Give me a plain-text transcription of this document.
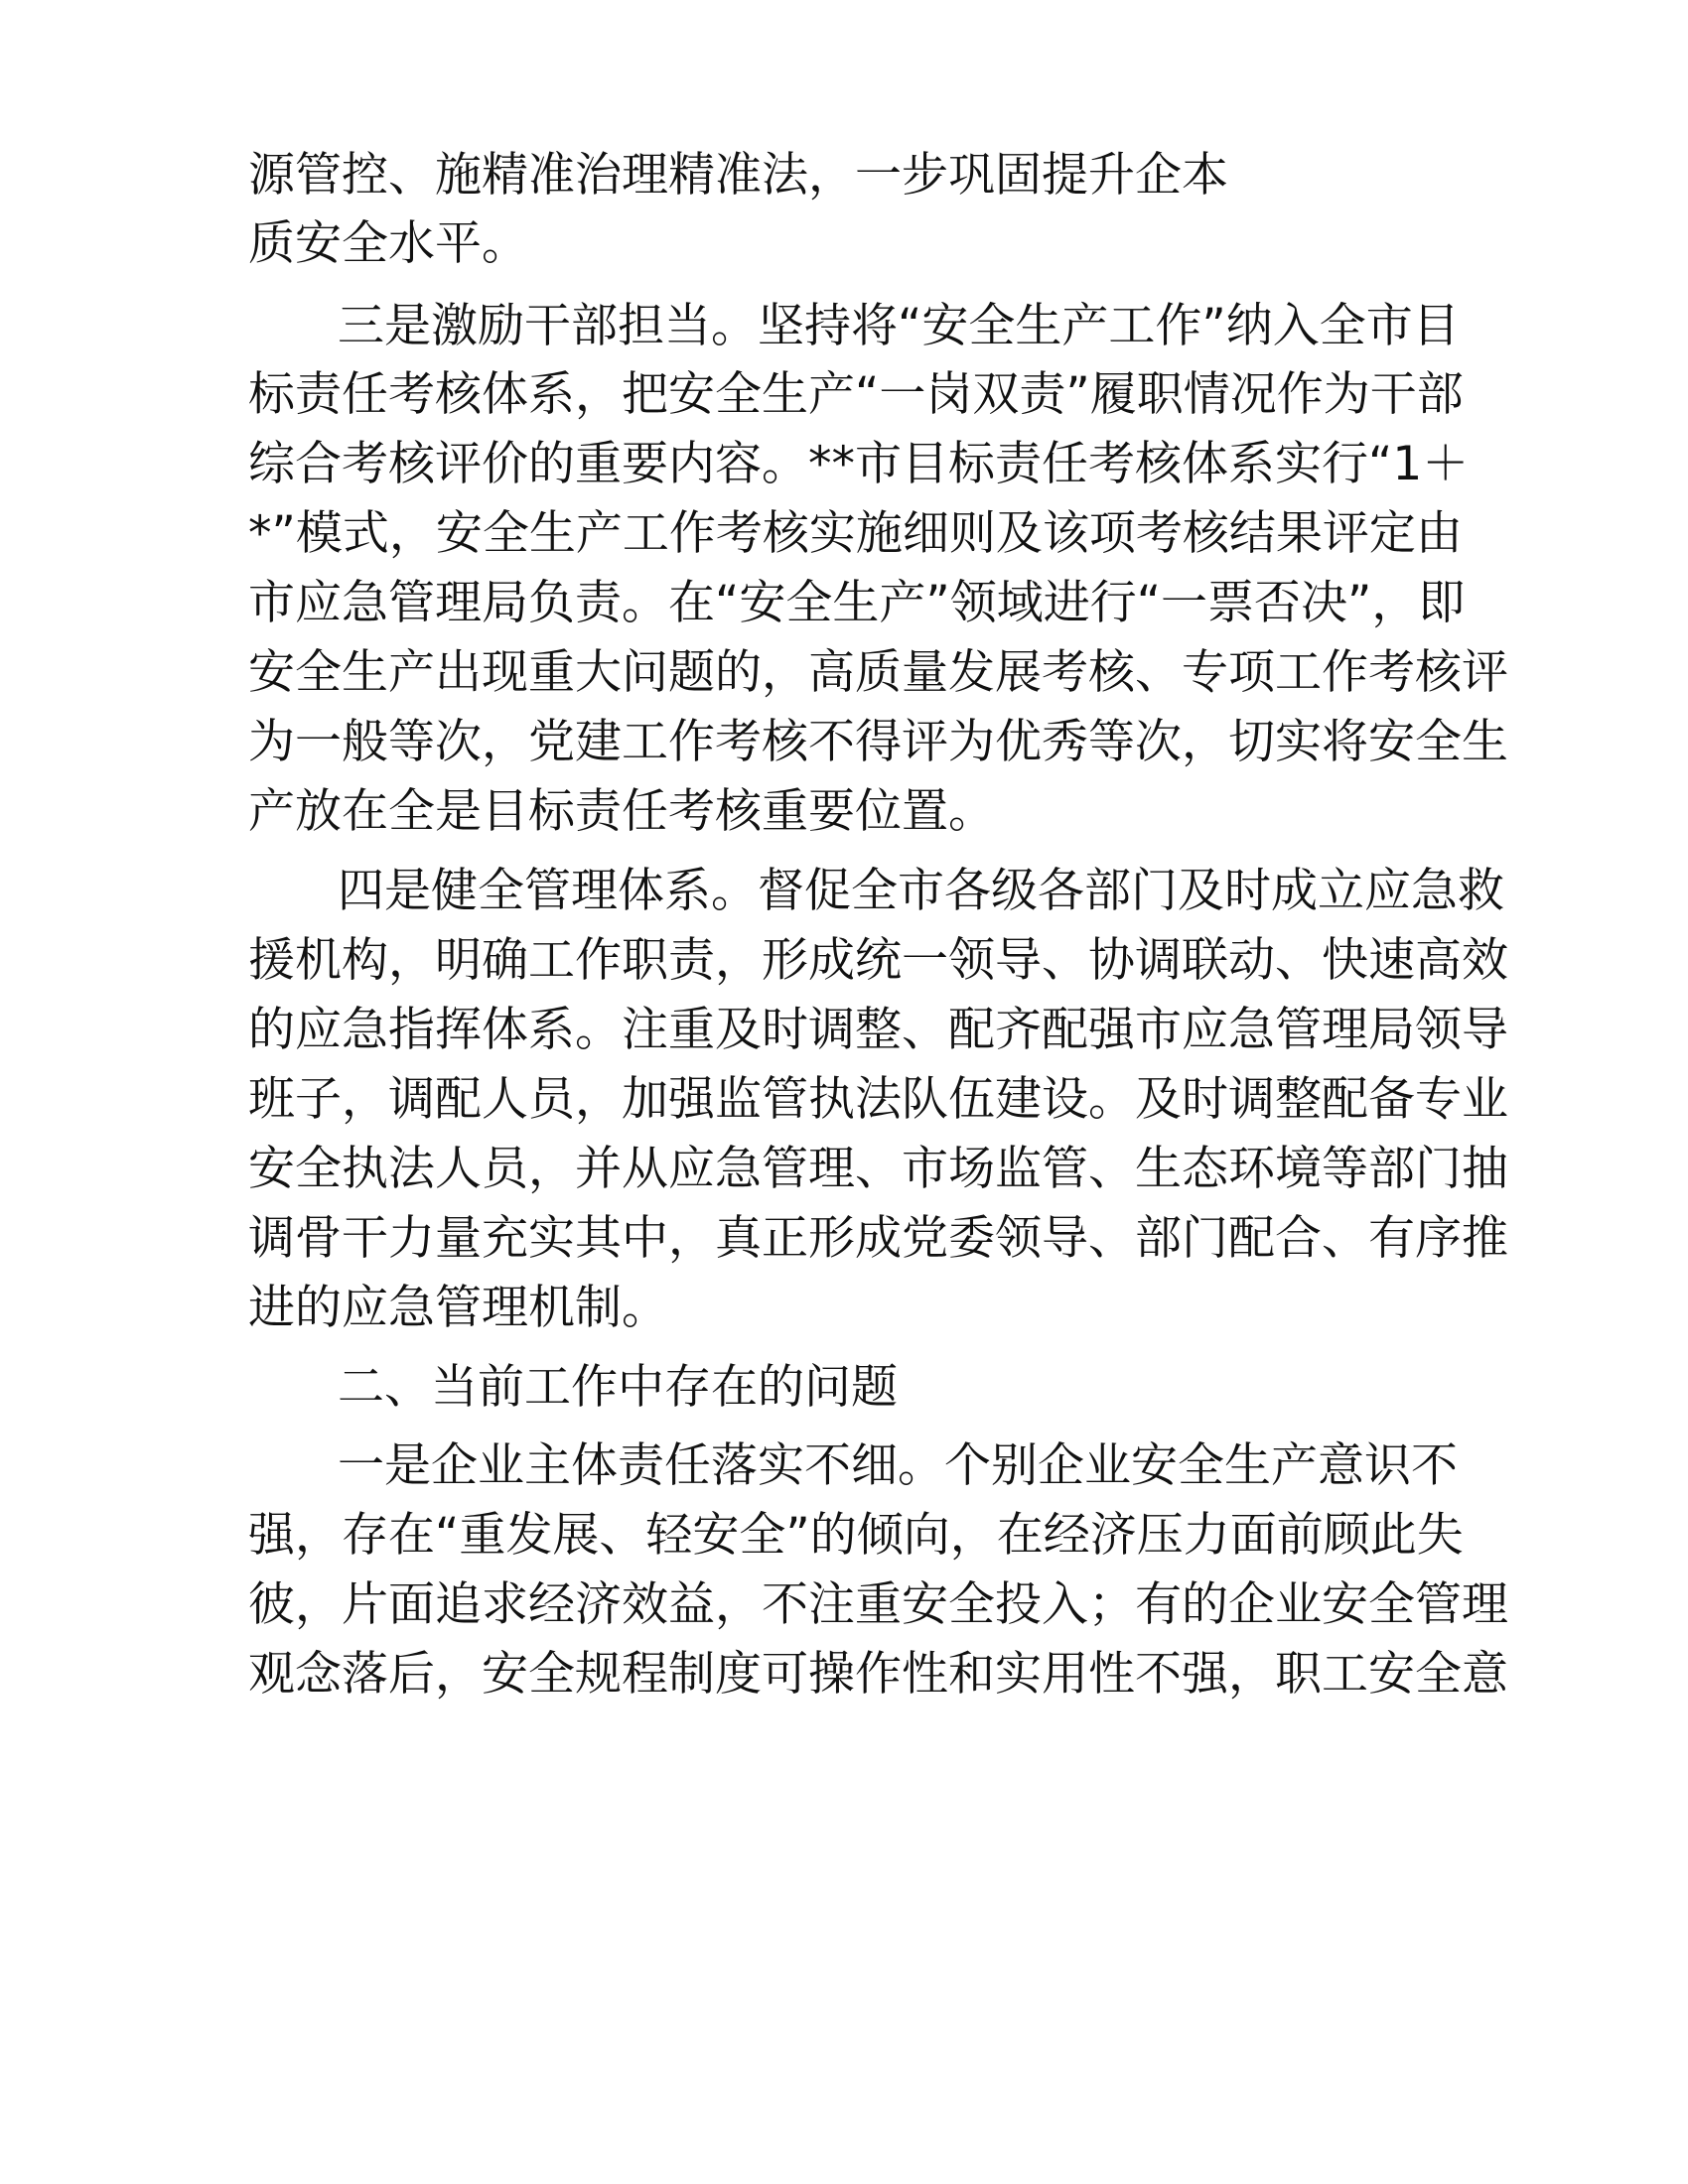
源管控、施精准治理精准法，一步巩固提升企本

质安全水平。

三是激励干部担当。坚持将“安全生产工作”纳入全市目

标责任考核体系，把安全生产“一岗双责”履职情况作为干部

综合考核评价的重要内容。**市目标责任考核体系实行“1＋

*”模式，安全生产工作考核实施细则及该项考核结果评定由

市应急管理局负责。在“安全生产”领域进行“一票否决”，即

安全生产出现重大问题的，高质量发展考核、专项工作考核评

为一般等次，党建工作考核不得评为优秀等次，切实将安全生

产放在全是目标责任考核重要位置。

四是健全管理体系。督促全市各级各部门及时成立应急救

援机构，明确工作职责，形成统一领导、协调联动、快速高效

的应急指挥体系。注重及时调整、配齐配强市应急管理局领导

班子，调配人员，加强监管执法队伍建设。及时调整配备专业

安全执法人员，并从应急管理、市场监管、生态环境等部门抽

调骨干力量充实其中，真正形成党委领导、部门配合、有序推

进的应急管理机制。

二、当前工作中存在的问题

一是企业主体责任落实不细。个别企业安全生产意识不

强，存在“重发展、轻安全”的倾向，在经济压力面前顾此失

彼，片面追求经济效益，不注重安全投入；有的企业安全管理

观念落后，安全规程制度可操作性和实用性不强，职工安全意
